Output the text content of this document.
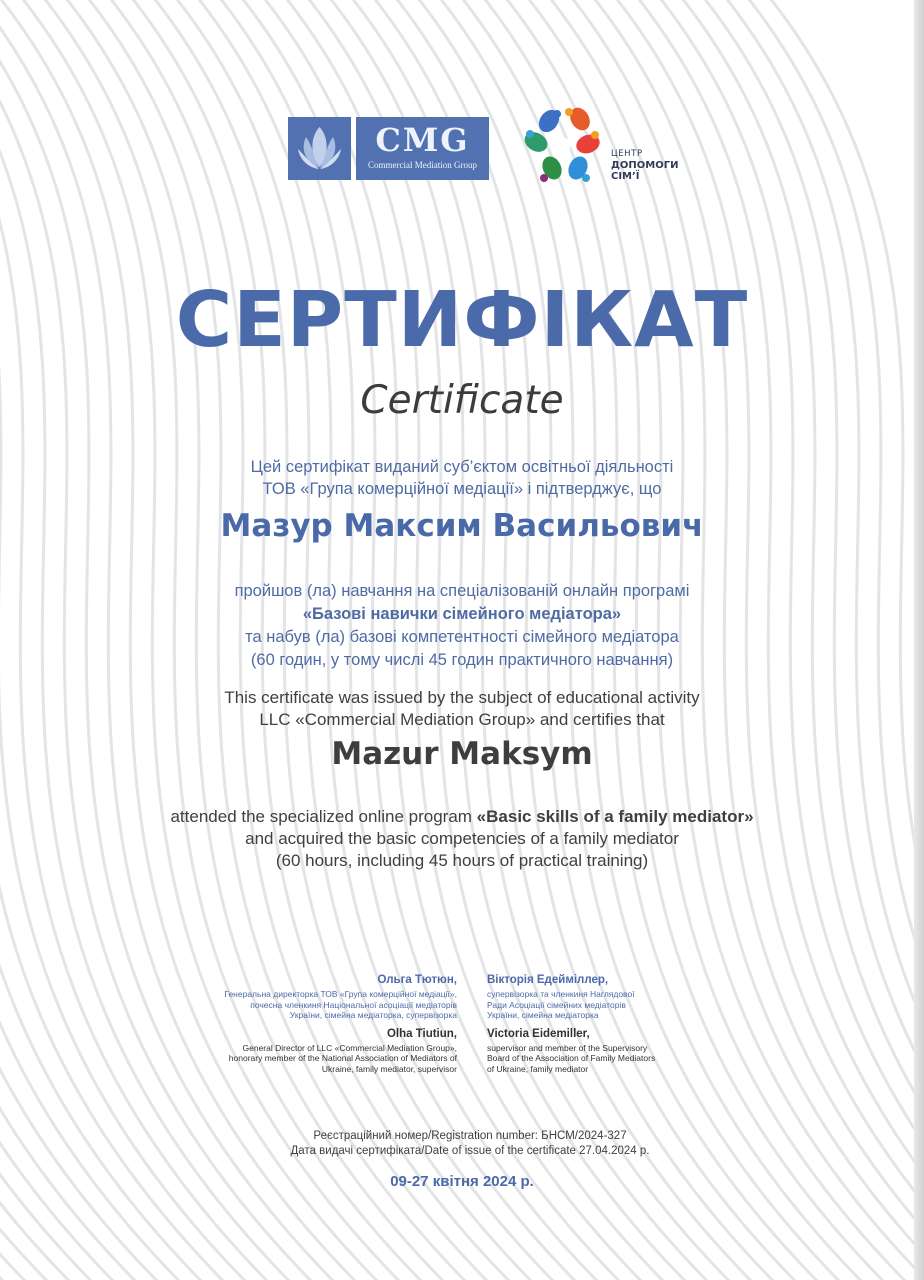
CMG
Commercial Mediation Group
ЦЕНТР
ДОПОМОГИ
СІМ’Ї
СЕРТИФІКАТ
Certificate
Цей сертифікат виданий суб’єктом освітньої діяльності
ТОВ «Група комерційної медіації» і підтверджує, що
Мазур Максим Васильович
пройшов (ла) навчання на спеціалізованій онлайн програмі
«Базові навички сімейного медіатора»
та набув (ла) базові компетентності сімейного медіатора
(60 годин, у тому числі 45 годин практичного навчання)
This certificate was issued by the subject of educational activity
LLC «Commercial Mediation Group» and certifies that
Mazur Maksym
attended the specialized online program «Basic skills of a family mediator»
and acquired the basic competencies of a family mediator
(60 hours, including 45 hours of practical training)
Ольга Тютюн,
Генеральна директорка ТОВ «Група комерційної медіації»,
почесна членкиня Національної асоціації медіаторів
України, сімейна медіаторка, супервізорка
Olha Tiutiun,
General Director of LLC «Commercial Mediation Group»,
honorary member of the National Association of Mediators of
Ukraine, family mediator, supervisor
Вікторія Едеймiллер,
супервізорка та членкиня Наглядової
Ради Асоціації сімейних медіаторів
України, сімейна медіаторка
Victoria Eidemiller,
supervisor and member of the Supervisory
Board of the Association of Family Mediators
of Ukraine, family mediator
Реєстраційний номер/Registration number: БНСМ/2024-327
Дата видачі сертифіката/Date of issue of the certificate 27.04.2024 р.
09-27 квітня 2024 р.
